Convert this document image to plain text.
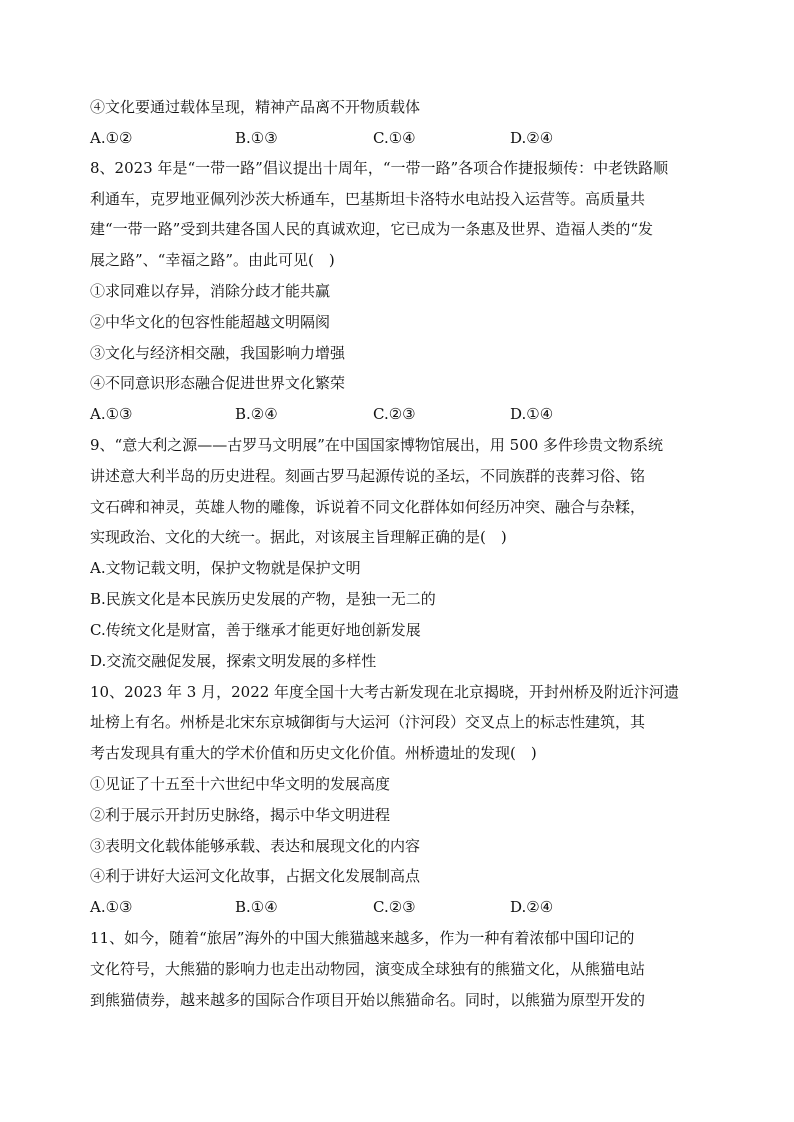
④文化要通过载体呈现，精神产品离不开物质载体
A.①②	B.①③	C.①④	D.②④
8、2023 年是“一带一路”倡议提出十周年，“一带一路”各项合作捷报频传：中老铁路顺
利通车，克罗地亚佩列沙茨大桥通车，巴基斯坦卡洛特水电站投入运营等。高质量共
建“一带一路”受到共建各国人民的真诚欢迎，它已成为一条惠及世界、造福人类的“发
展之路”、“幸福之路”。由此可见(　)
①求同难以存异，消除分歧才能共赢
②中华文化的包容性能超越文明隔阂
③文化与经济相交融，我国影响力增强
④不同意识形态融合促进世界文化繁荣
A.①③	B.②④	C.②③	D.①④
9、“意大利之源——古罗马文明展”在中国国家博物馆展出，用 500 多件珍贵文物系统
讲述意大利半岛的历史进程。刻画古罗马起源传说的圣坛，不同族群的丧葬习俗、铭
文石碑和神灵，英雄人物的雕像，诉说着不同文化群体如何经历冲突、融合与杂糅，
实现政治、文化的大统一。据此，对该展主旨理解正确的是(　)
A.文物记载文明，保护文物就是保护文明
B.民族文化是本民族历史发展的产物，是独一无二的
C.传统文化是财富，善于继承才能更好地创新发展
D.交流交融促发展，探索文明发展的多样性
10、2023 年 3 月，2022 年度全国十大考古新发现在北京揭晓，开封州桥及附近汴河遗
址榜上有名。州桥是北宋东京城御街与大运河（汴河段）交叉点上的标志性建筑，其
考古发现具有重大的学术价值和历史文化价值。州桥遗址的发现(　)
①见证了十五至十六世纪中华文明的发展高度
②利于展示开封历史脉络，揭示中华文明进程
③表明文化载体能够承载、表达和展现文化的内容
④利于讲好大运河文化故事，占据文化发展制高点
A.①③	B.①④	C.②③	D.②④
11、如今，随着“旅居”海外的中国大熊猫越来越多，作为一种有着浓郁中国印记的
文化符号，大熊猫的影响力也走出动物园，演变成全球独有的熊猫文化，从熊猫电站
到熊猫债券，越来越多的国际合作项目开始以熊猫命名。同时，以熊猫为原型开发的
